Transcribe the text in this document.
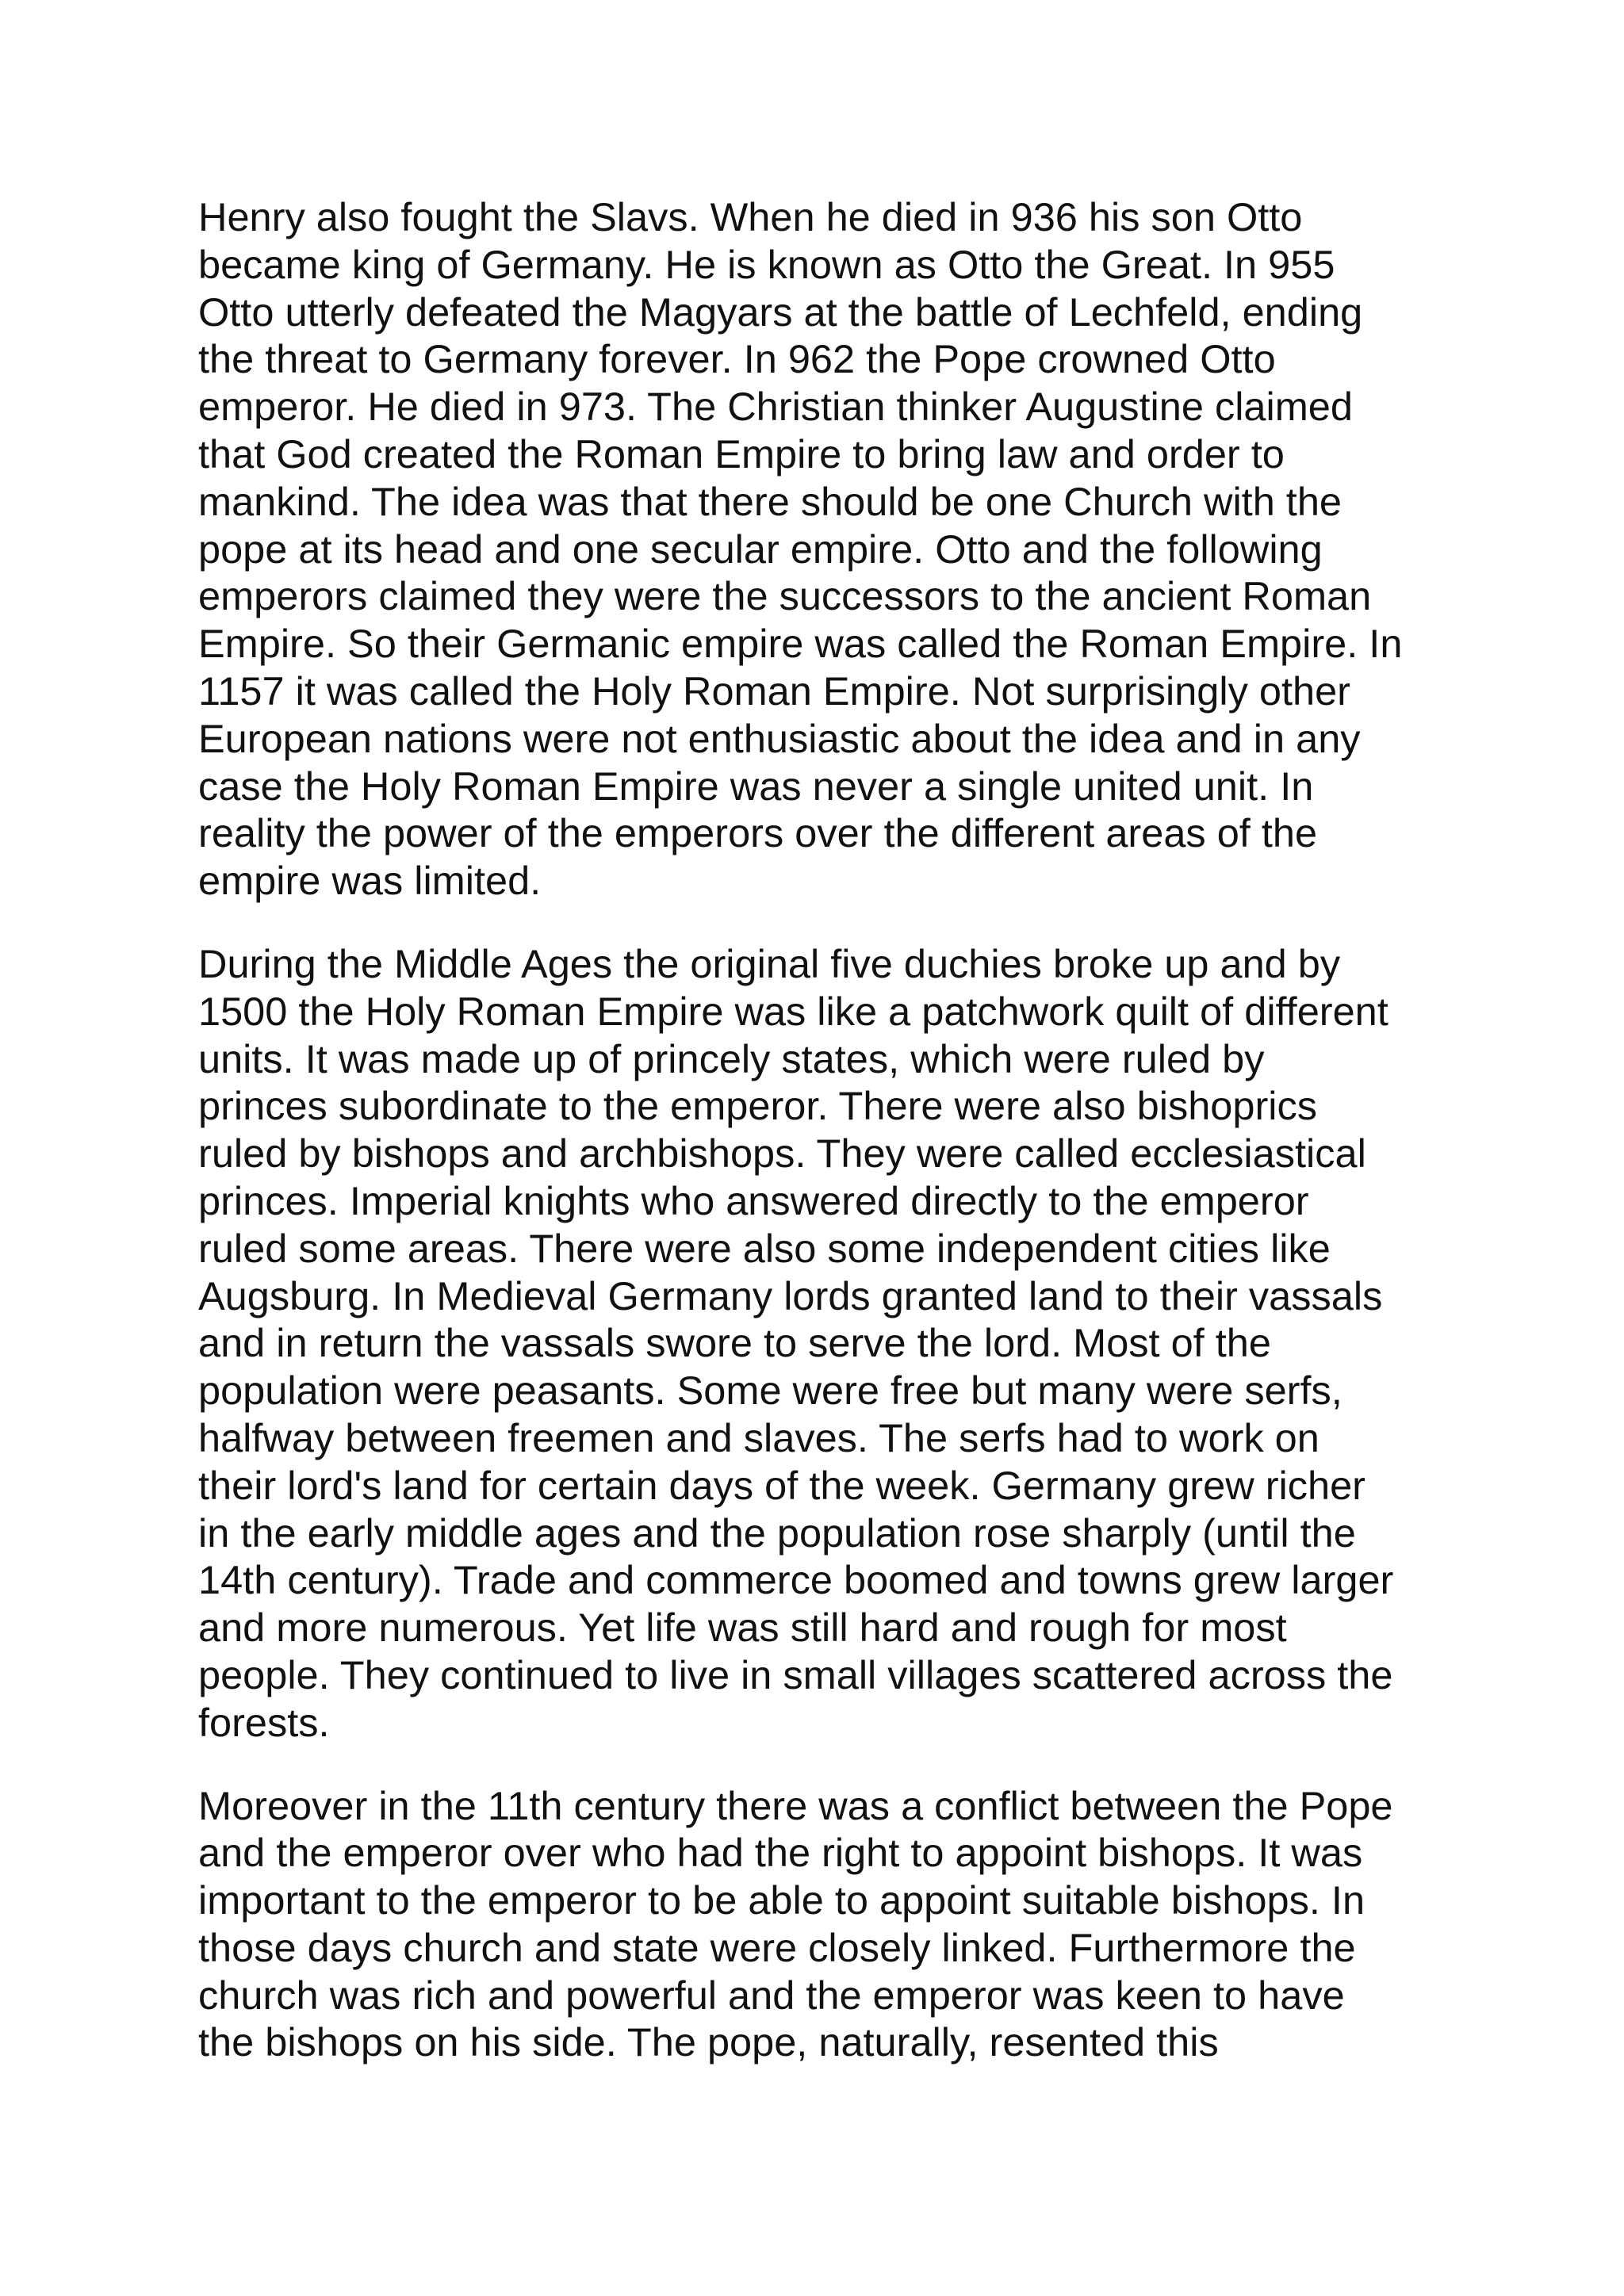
Henry also fought the Slavs. When he died in 936 his son Otto
became king of Germany. He is known as Otto the Great. In 955
Otto utterly defeated the Magyars at the battle of Lechfeld, ending
the threat to Germany forever. In 962 the Pope crowned Otto
emperor. He died in 973. The Christian thinker Augustine claimed
that God created the Roman Empire to bring law and order to
mankind. The idea was that there should be one Church with the
pope at its head and one secular empire. Otto and the following
emperors claimed they were the successors to the ancient Roman
Empire. So their Germanic empire was called the Roman Empire. In
1157 it was called the Holy Roman Empire. Not surprisingly other
European nations were not enthusiastic about the idea and in any
case the Holy Roman Empire was never a single united unit. In
reality the power of the emperors over the different areas of the
empire was limited.

During the Middle Ages the original five duchies broke up and by
1500 the Holy Roman Empire was like a patchwork quilt of different
units. It was made up of princely states, which were ruled by
princes subordinate to the emperor. There were also bishoprics
ruled by bishops and archbishops. They were called ecclesiastical
princes. Imperial knights who answered directly to the emperor
ruled some areas. There were also some independent cities like
Augsburg. In Medieval Germany lords granted land to their vassals
and in return the vassals swore to serve the lord. Most of the
population were peasants. Some were free but many were serfs,
halfway between freemen and slaves. The serfs had to work on
their lord's land for certain days of the week. Germany grew richer
in the early middle ages and the population rose sharply (until the
14th century). Trade and commerce boomed and towns grew larger
and more numerous. Yet life was still hard and rough for most
people. They continued to live in small villages scattered across the
forests.

Moreover in the 11th century there was a conflict between the Pope
and the emperor over who had the right to appoint bishops. It was
important to the emperor to be able to appoint suitable bishops. In
those days church and state were closely linked. Furthermore the
church was rich and powerful and the emperor was keen to have
the bishops on his side. The pope, naturally, resented this
